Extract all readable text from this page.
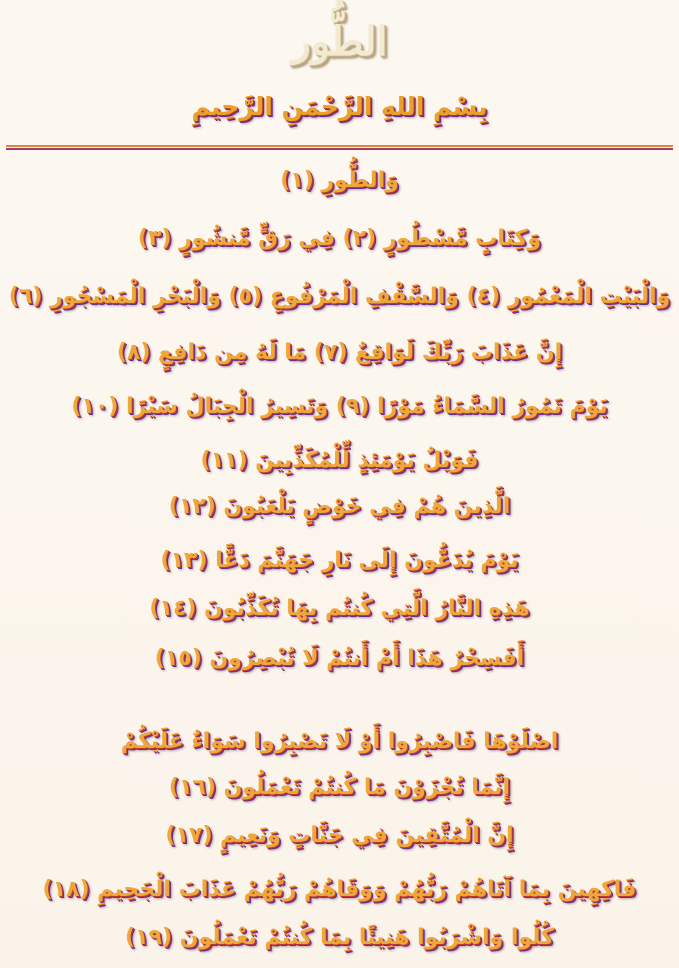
الطُّور
بِسْمِ اللهِ الرَّحْمَنِ الرَّحِيمِ
وَالطُّورِ (١)
وَكِتَابٍ مَّسْطُورٍ (٢) فِي رَقٍّ مَّنشُورٍ (٣)
وَالْبَيْتِ الْمَعْمُورِ (٤) وَالسَّقْفِ الْمَرْفُوعِ (٥) وَالْبَحْرِ الْمَسْجُورِ (٦)
إِنَّ عَذَابَ رَبِّكَ لَوَاقِعٌ (٧) مَا لَهُ مِن دَافِعٍ (٨)
يَوْمَ تَمُورُ السَّمَاءُ مَوْرًا (٩) وَتَسِيرُ الْجِبَالُ سَيْرًا (١٠)
فَوَيْلٌ يَوْمَئِذٍ لِّلْمُكَذِّبِينَ (١١)
الَّذِينَ هُمْ فِي خَوْضٍ يَلْعَبُونَ (١٢)
يَوْمَ يُدَعُّونَ إِلَى نَارِ جَهَنَّمَ دَعًّا (١٣)
هَذِهِ النَّارُ الَّتِي كُنتُم بِهَا تُكَذِّبُونَ (١٤)
أَفَسِحْرٌ هَذَا أَمْ أَنتُمْ لَا تُبْصِرُونَ (١٥)
اصْلَوْهَا فَاصْبِرُوا أَوْ لَا تَصْبِرُوا سَوَاءٌ عَلَيْكُمْ
إِنَّمَا تُجْزَوْنَ مَا كُنتُمْ تَعْمَلُونَ (١٦)
إِنَّ الْمُتَّقِينَ فِي جَنَّاتٍ وَنَعِيمٍ (١٧)
فَاكِهِينَ بِمَا آتَاهُمْ رَبُّهُمْ وَوَقَاهُمْ رَبُّهُمْ عَذَابَ الْجَحِيمِ (١٨)
كُلُوا وَاشْرَبُوا هَنِيئًا بِمَا كُنتُمْ تَعْمَلُونَ (١٩)
